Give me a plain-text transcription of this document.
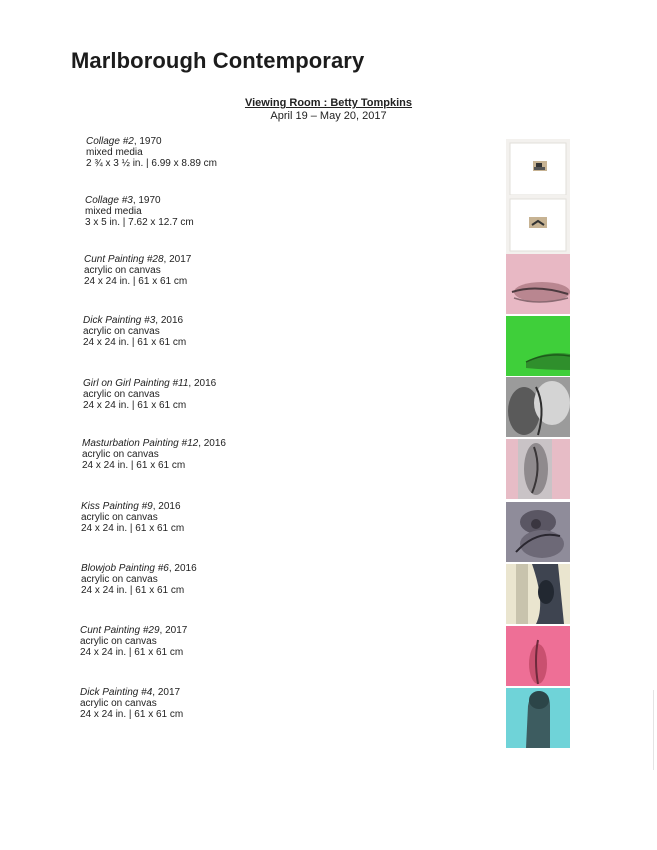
Marlborough Contemporary
Viewing Room : Betty Tompkins
April 19 – May 20, 2017
Collage #2, 1970
mixed media
2 ¾ x 3 ½ in. | 6.99 x 8.89 cm
Collage #3, 1970
mixed media
3 x 5 in. | 7.62 x 12.7 cm
Cunt Painting #28, 2017
acrylic on canvas
24 x 24 in. | 61 x 61 cm
Dick Painting #3, 2016
acrylic on canvas
24 x 24 in. | 61 x 61 cm
Girl on Girl Painting #11, 2016
acrylic on canvas
24 x 24 in. | 61 x 61 cm
Masturbation Painting #12, 2016
acrylic on canvas
24 x 24 in. | 61 x 61 cm
Kiss Painting #9, 2016
acrylic on canvas
24 x 24 in. | 61 x 61 cm
Blowjob Painting #6, 2016
acrylic on canvas
24 x 24 in. | 61 x 61 cm
Cunt Painting #29, 2017
acrylic on canvas
24 x 24 in. | 61 x 61 cm
Dick Painting #4, 2017
acrylic on canvas
24 x 24 in. | 61 x 61 cm
